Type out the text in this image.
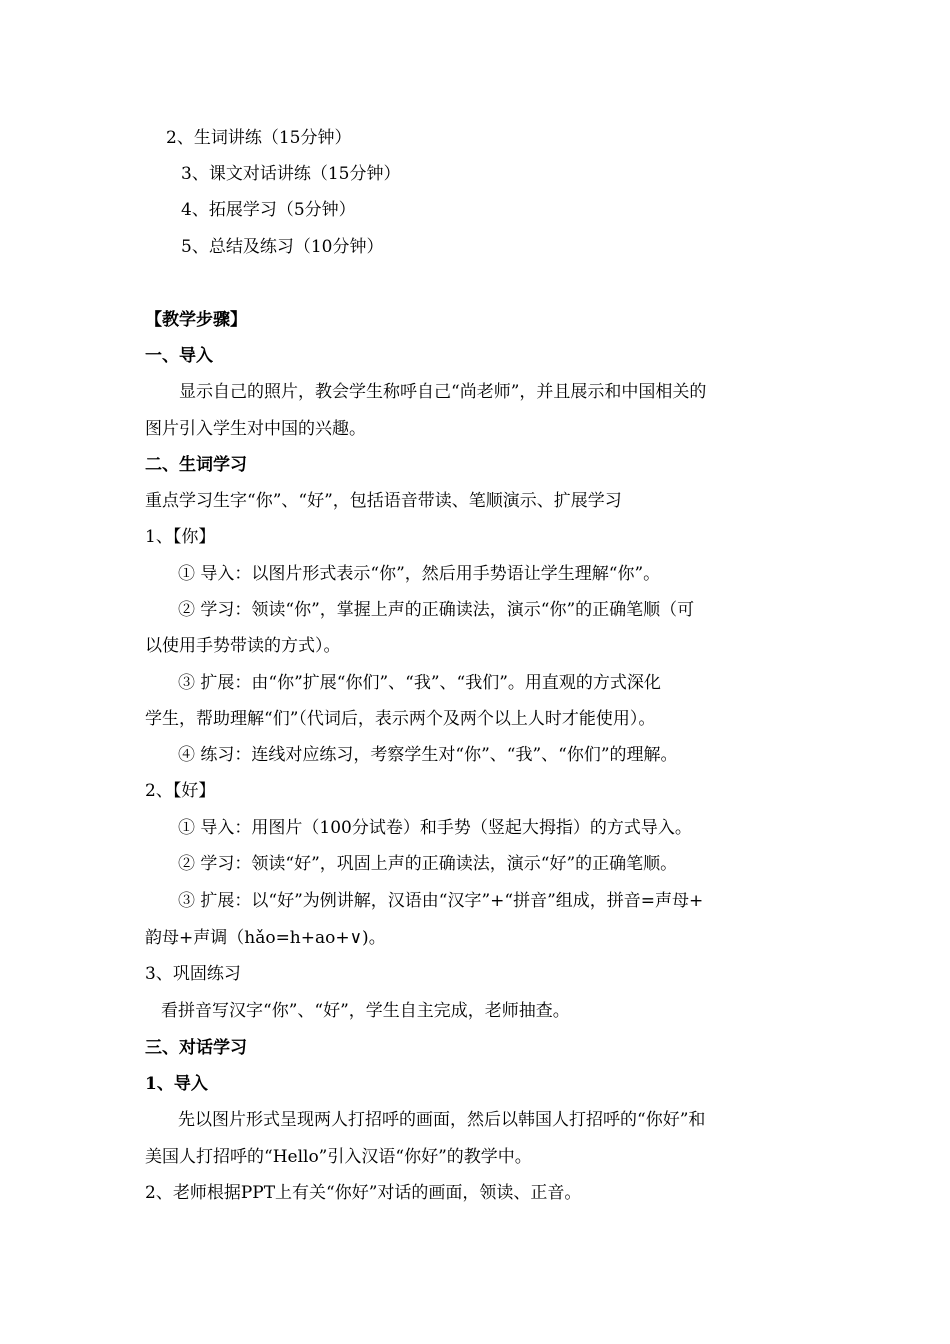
2、生词讲练（15分钟）
3、课文对话讲练（15分钟）
4、拓展学习（5分钟）
5、总结及练习（10分钟）
【教学步骤】
一、导入
显示自己的照片，教会学生称呼自己“尚老师”，并且展示和中国相关的
图片引入学生对中国的兴趣。
二、生词学习
重点学习生字“你”、“好”，包括语音带读、笔顺演示、扩展学习
1、【你】
① 导入：以图片形式表示“你”，然后用手势语让学生理解“你”。
② 学习：领读“你”，掌握上声的正确读法，演示“你”的正确笔顺（可
以使用手势带读的方式）。
③ 扩展：由“你”扩展“你们”、“我”、“我们”。用直观的方式深化
学生，帮助理解“们”（代词后，表示两个及两个以上人时才能使用）。
④ 练习：连线对应练习，考察学生对“你”、“我”、“你们”的理解。
2、【好】
① 导入：用图片（100分试卷）和手势（竖起大拇指）的方式导入。
② 学习：领读“好”，巩固上声的正确读法，演示“好”的正确笔顺。
③ 扩展：以“好”为例讲解，汉语由“汉字”+“拼音”组成，拼音=声母+
韵母+声调（hǎo=h+ao+∨)。
3、巩固练习
看拼音写汉字“你”、“好”，学生自主完成，老师抽查。
三、对话学习
1、导入
先以图片形式呈现两人打招呼的画面，然后以韩国人打招呼的“你好”和
美国人打招呼的“Hello”引入汉语“你好”的教学中。
2、老师根据PPT上有关“你好”对话的画面，领读、正音。
